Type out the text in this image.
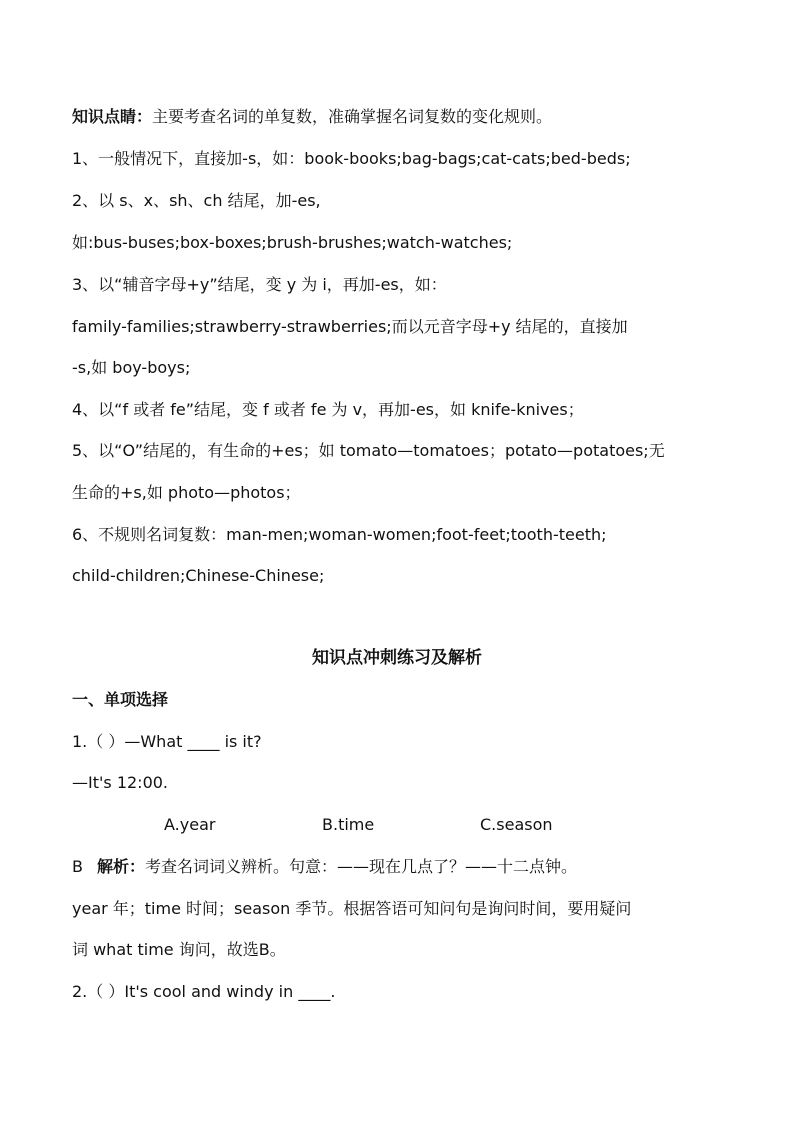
知识点睛：主要考查名词的单复数，准确掌握名词复数的变化规则。
1、一般情况下，直接加-s，如：book-books;bag-bags;cat-cats;bed-beds;
2、以 s、x、sh、ch 结尾，加-es,
如:bus-buses;box-boxes;brush-brushes;watch-watches;
3、以“辅音字母+y”结尾，变 y 为 i，再加-es，如：
family-families;strawberry-strawberries;而以元音字母+y 结尾的，直接加
-s,如 boy-boys;
4、以“f 或者 fe”结尾，变 f 或者 fe 为 v，再加-es，如 knife-knives；
5、以“O”结尾的，有生命的+es；如 tomato—tomatoes；potato—potatoes;无
生命的+s,如 photo—photos；
6、不规则名词复数：man-men;woman-women;foot-feet;tooth-teeth;
child-children;Chinese-Chinese;
知识点冲刺练习及解析
一、单项选择
1.（ ）—What ____ is it?
—It's 12:00.
A.year	B.time	C.season
B 解析：考查名词词义辨析。句意：——现在几点了？——十二点钟。
year 年；time 时间；season 季节。根据答语可知问句是询问时间，要用疑问
词 what time 询问，故选B。
2.（ ）It's cool and windy in ____.
